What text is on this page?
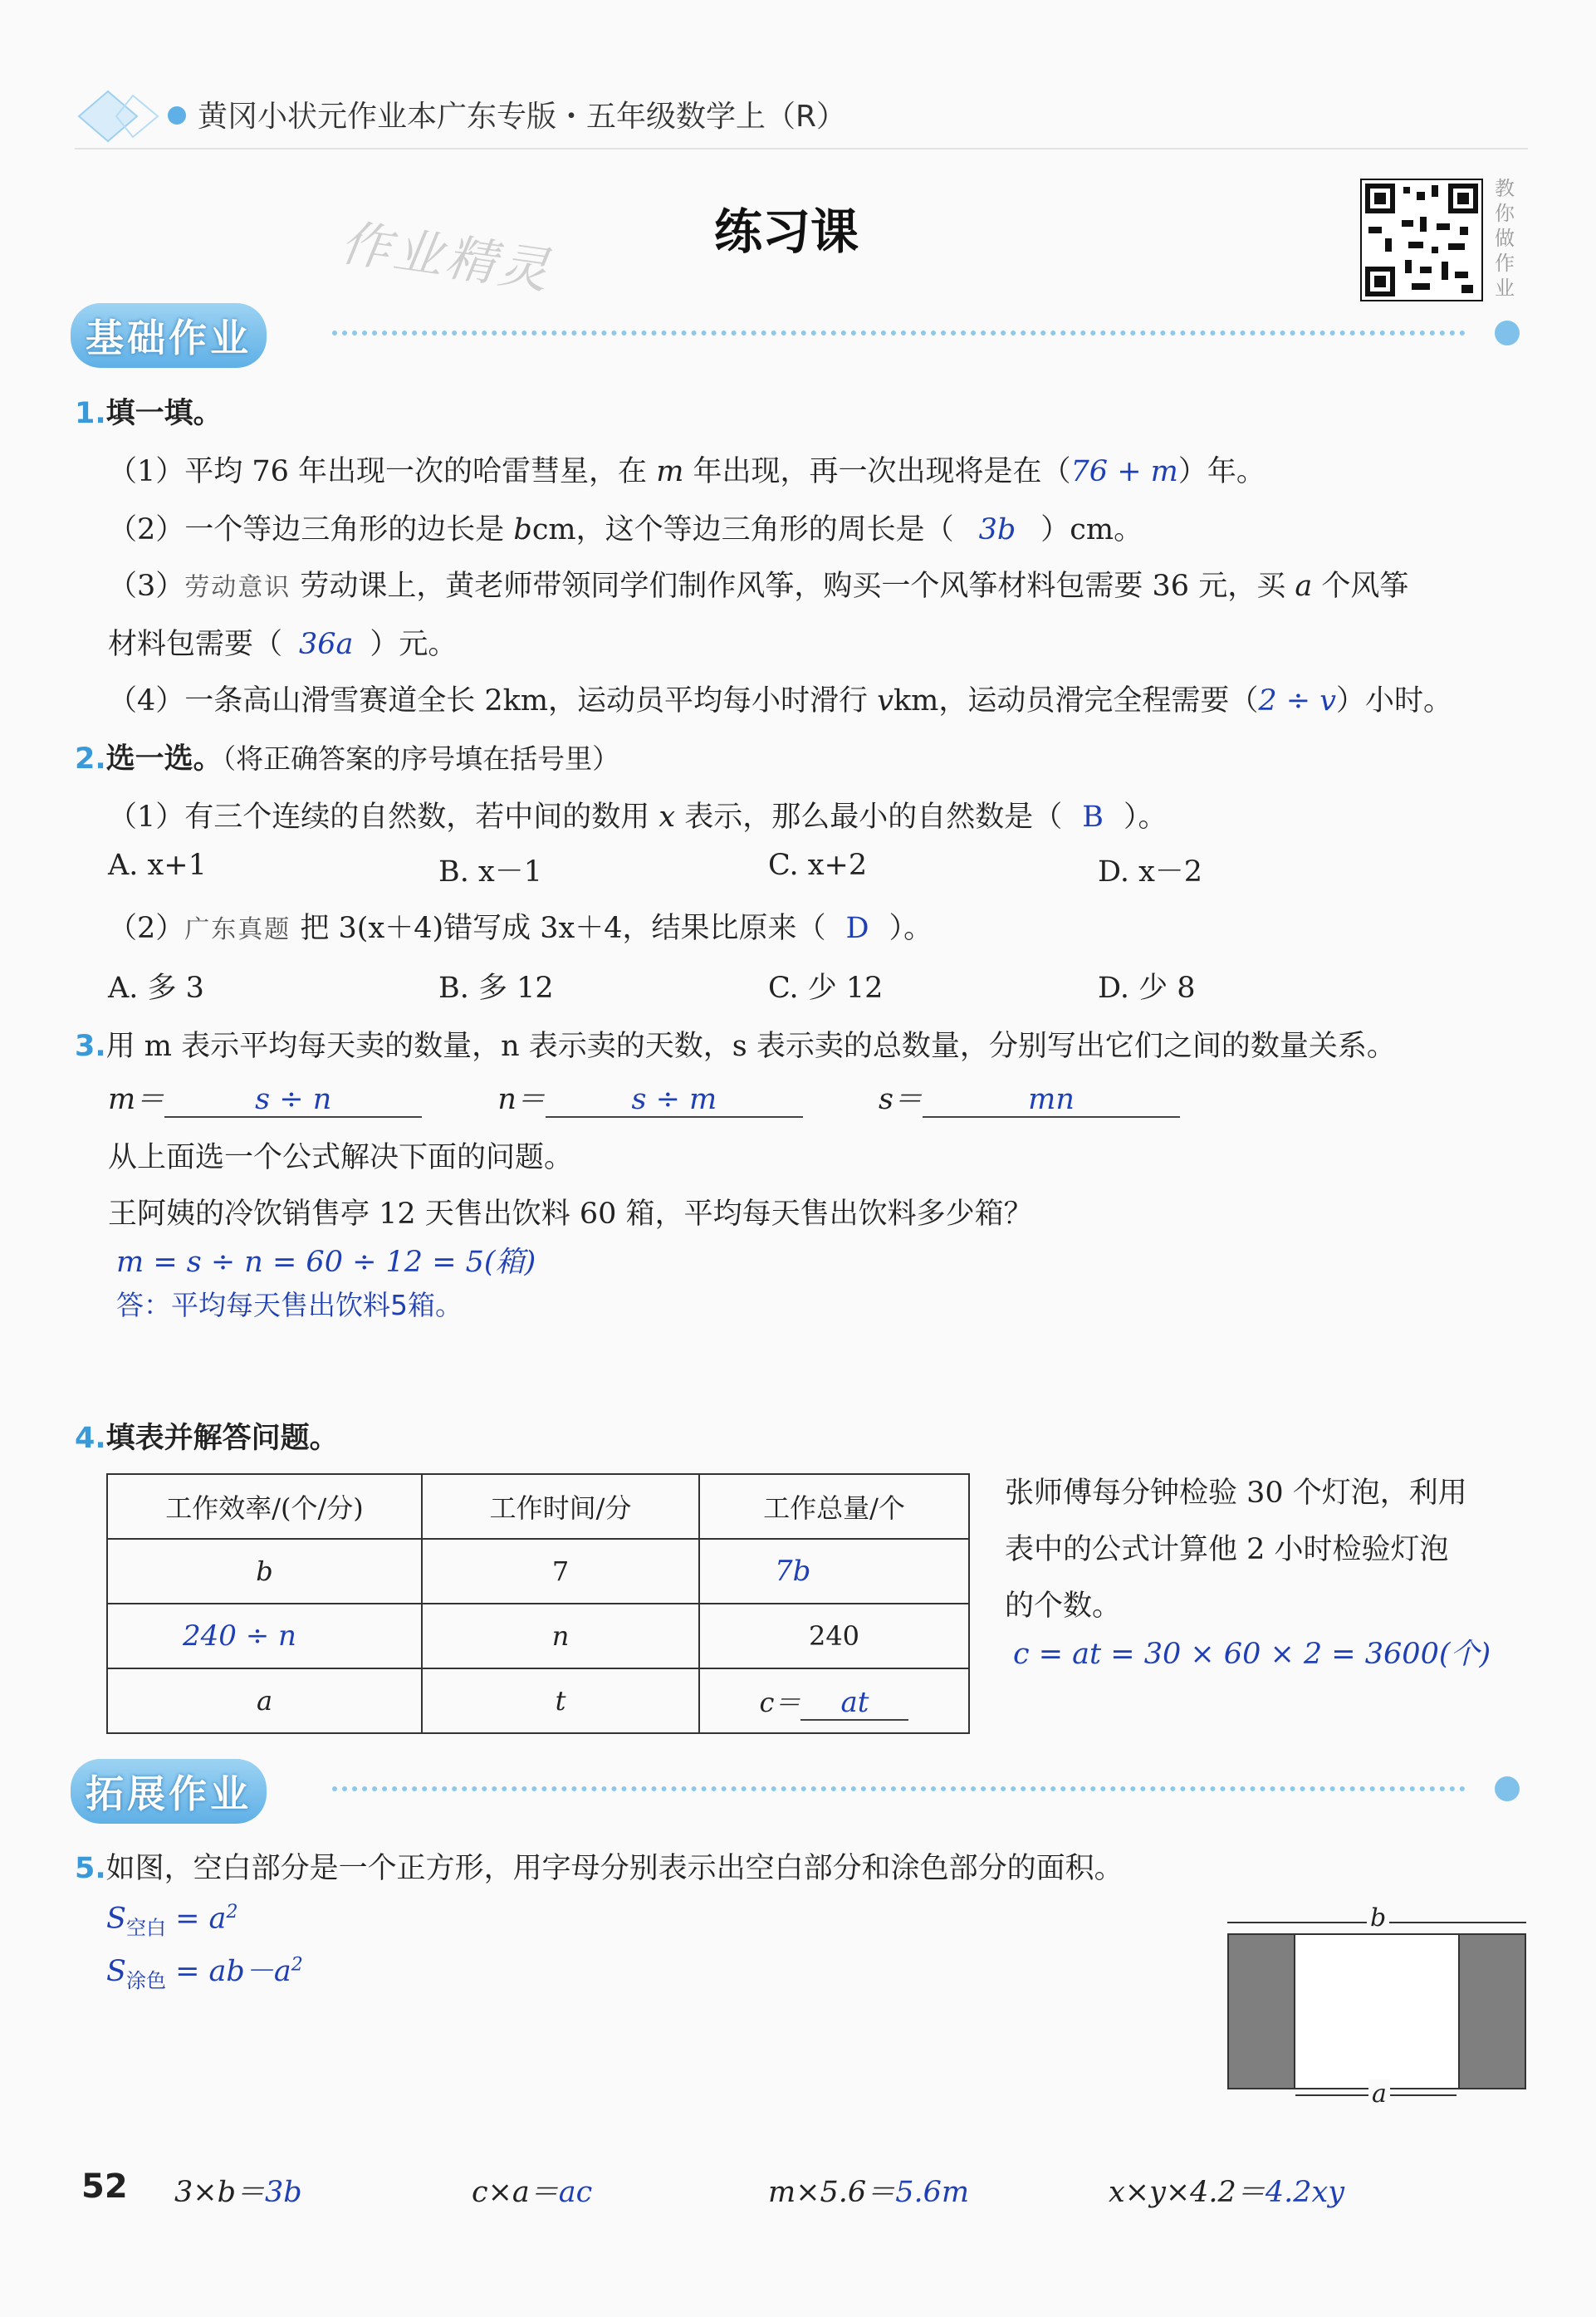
黄冈小状元作业本广东专版・五年级数学上（R）
作业精灵	练习课
教你做作业
基础作业
1.填一填。
（1）平均 76 年出现一次的哈雷彗星，在 m 年出现，再一次出现将是在（76 + m）年。
（2）一个等边三角形的边长是 bcm，这个等边三角形的周长是（ 3b ）cm。
（3）劳动意识 劳动课上，黄老师带领同学们制作风筝，购买一个风筝材料包需要 36 元，买 a 个风筝
材料包需要（ 36a ）元。
（4）一条高山滑雪赛道全长 2km，运动员平均每小时滑行 vkm，运动员滑完全程需要（2 ÷ v）小时。
2.选一选。（将正确答案的序号填在括号里）
（1）有三个连续的自然数，若中间的数用 x 表示，那么最小的自然数是（ B ）。
A. x+1	B. x－1	C. x+2	D. x－2
（2）广东真题 把 3(x＋4)错写成 3x＋4，结果比原来（ D ）。
A. 多 3	B. 多 12	C. 少 12	D. 少 8
3.用 m 表示平均每天卖的数量，n 表示卖的天数，s 表示卖的总数量，分别写出它们之间的数量关系。
m＝	s ÷ n	n＝	s ÷ m	s＝	mn
从上面选一个公式解决下面的问题。
王阿姨的冷饮销售亭 12 天售出饮料 60 箱，平均每天售出饮料多少箱？
m = s ÷ n = 60 ÷ 12 = 5(箱)
答：平均每天售出饮料5箱。
4.填表并解答问题。
工作效率/(个/分)	工作时间/分	工作总量/个
b	7	7b
240 ÷ n	n	240
a	t	c＝ at
张师傅每分钟检验 30 个灯泡，利用
表中的公式计算他 2 小时检验灯泡
的个数。
c = at = 30 × 60 × 2 = 3600(个)
拓展作业
5.如图，空白部分是一个正方形，用字母分别表示出空白部分和涂色部分的面积。
$S_{空白} = a^2$
$S_{涂色} = ab-a^2$
b
a
52 3×b＝3b	c×a＝ac	m×5.6＝5.6m	x×y×4.2＝4.2xy
